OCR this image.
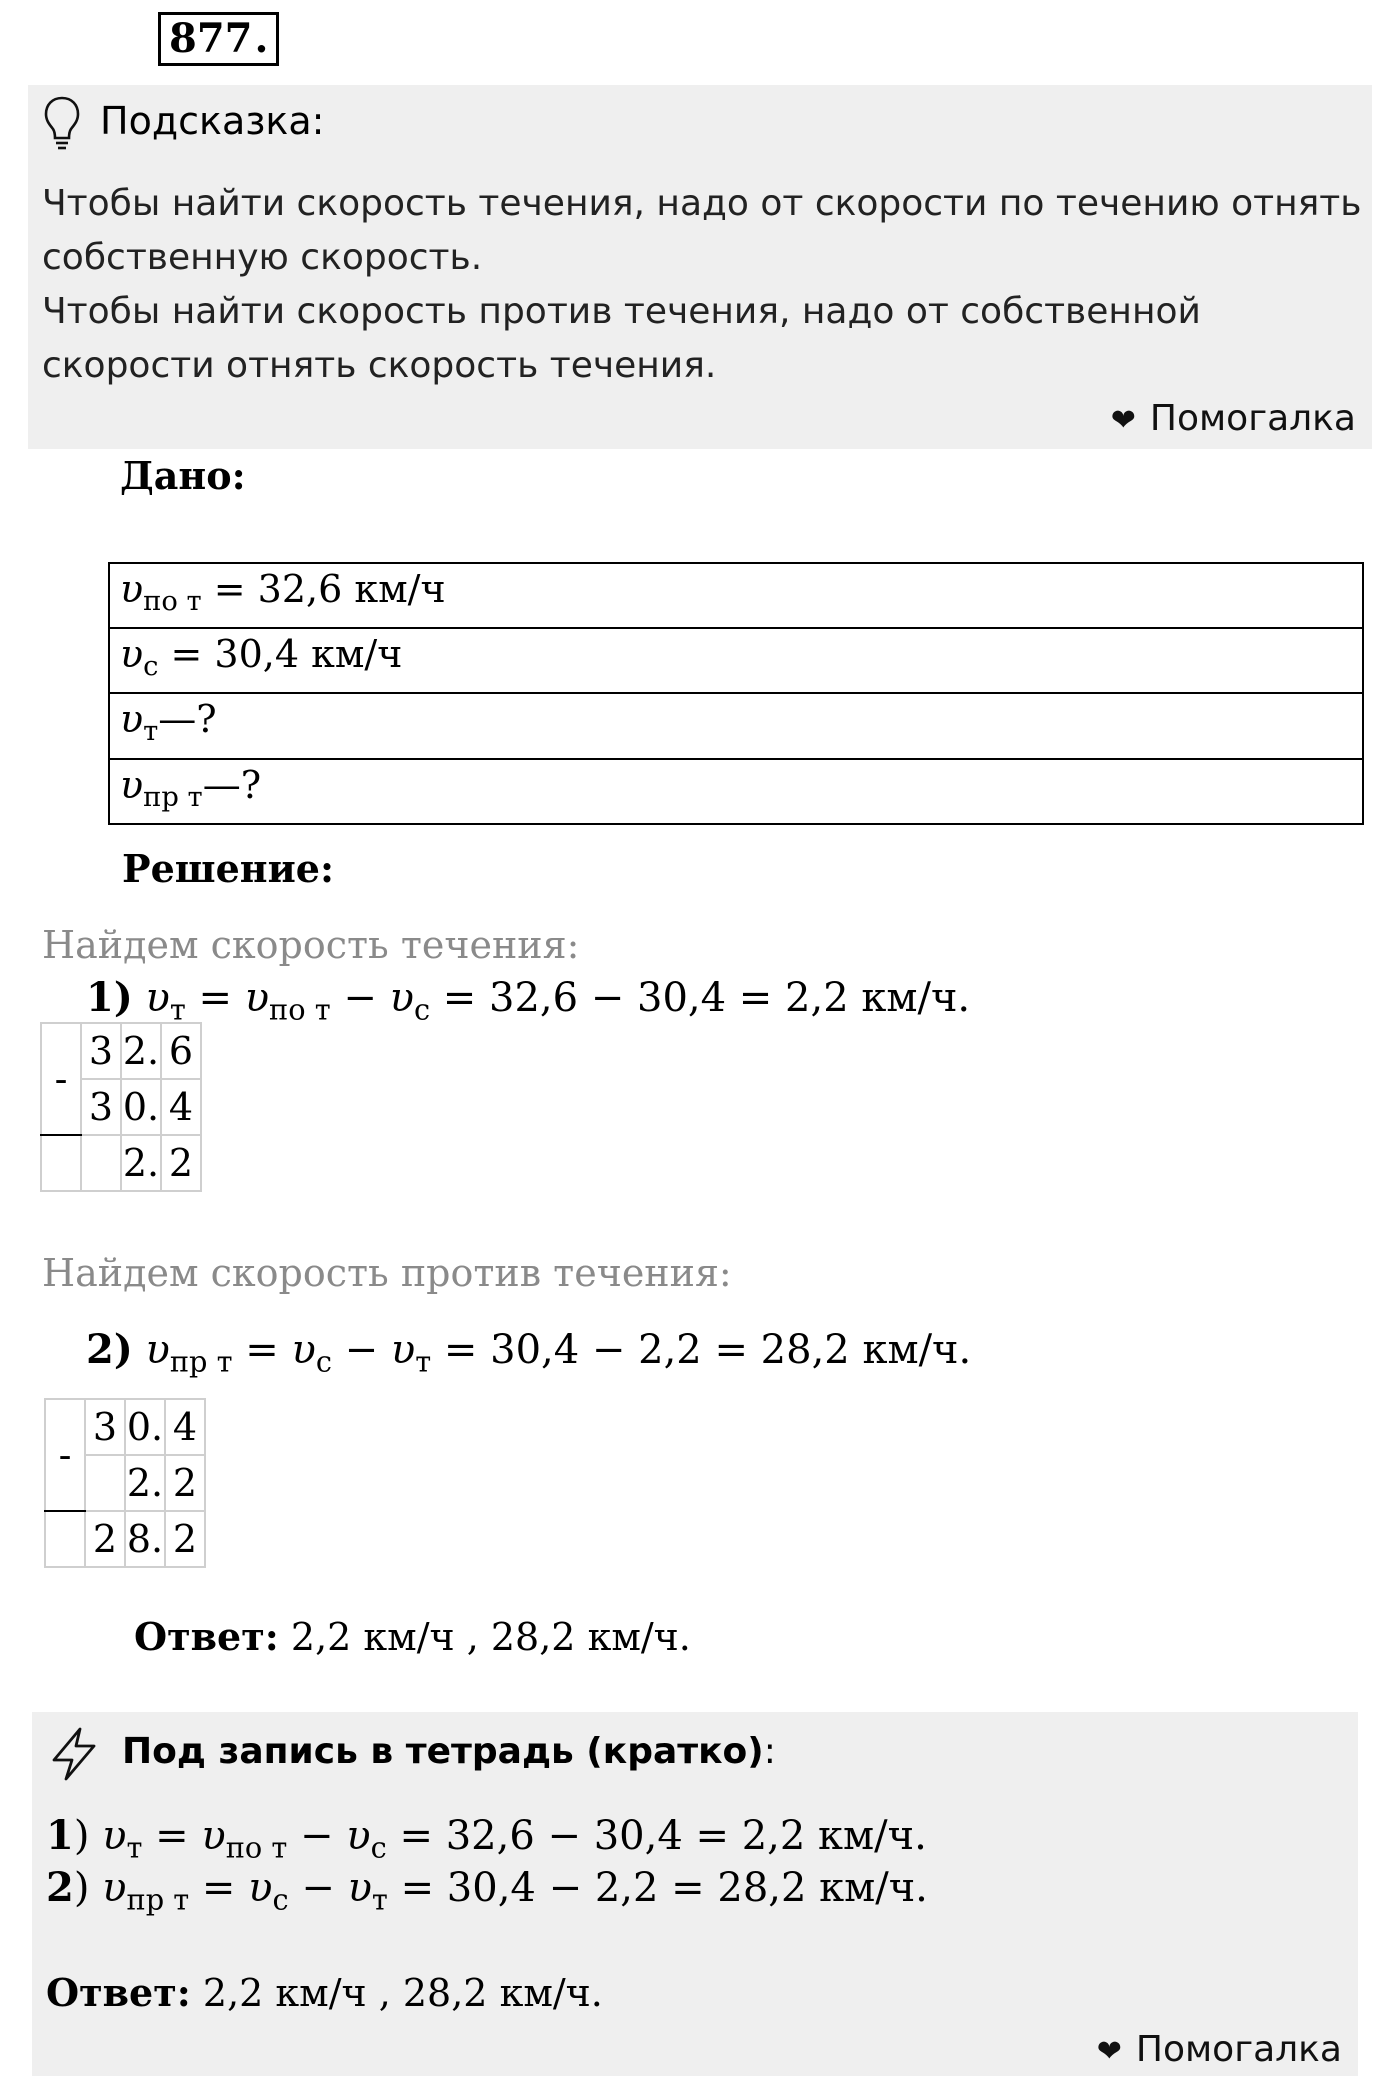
877.
Подсказка:
Чтобы найти скорость течения, надо от скорости по течению отнять
собственную скорость.
Чтобы найти скорость против течения, надо от собственной
скорости отнять скорость течения.
❤ Помогалка
Дано:
$\upsilon_{по т} = 32,6$ км/ч
$\upsilon_с = 30,4$ км/ч
$\upsilon_т—$?
$\upsilon_{пр т}—$?
Решение:
Найдем скорость течения:
1) $\upsilon_т = \upsilon_{по т} - \upsilon_с = 32,6 - 30,4 = 2,2$ км/ч.
-	3	2.	6
	3	0.	4
		2.	2
Найдем скорость против течения:
2) $\upsilon_{пр т} = \upsilon_с - \upsilon_т = 30,4 - 2,2 = 28,2$ км/ч.
-	3	0.	4
		2.	2
	2	8.	2
Ответ: 2,2 км/ч , 28,2 км/ч.
Под запись в тетрадь (кратко):
1) $\upsilon_т = \upsilon_{по т} - \upsilon_с = 32,6 - 30,4 = 2,2$ км/ч.
2) $\upsilon_{пр т} = \upsilon_с - \upsilon_т = 30,4 - 2,2 = 28,2$ км/ч.
Ответ: 2,2 км/ч , 28,2 км/ч.
❤ Помогалка
